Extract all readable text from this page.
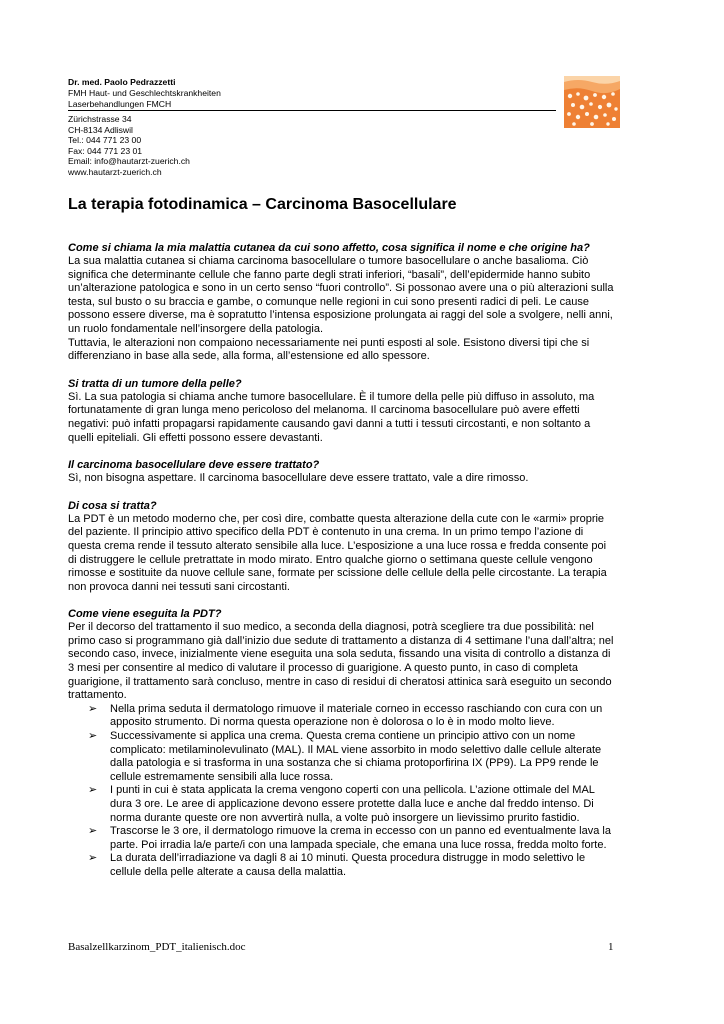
Dr. med. Paolo Pedrazzetti
FMH Haut- und Geschlechtskrankheiten
Laserbehandlungen FMCH
Zürichstrasse 34
CH-8134 Adliswil
Tel.: 044 771 23 00
Fax: 044 771 23 01
Email: info@hautarzt-zuerich.ch
www.hautarzt-zuerich.ch
La terapia fotodinamica – Carcinoma Basocellulare
Come si chiama la mia malattia cutanea da cui sono affetto, cosa significa il nome e che origine ha?
La sua malattia cutanea si chiama carcinoma basocellulare o tumore basocellulare o anche basalioma. Ciò
significa che determinante cellule che fanno parte degli strati inferiori, “basali”, dell’epidermide hanno subito
un’alterazione patologica e sono in un certo senso “fuori controllo”. Si possonao avere una o più alterazioni sulla
testa, sul busto o su braccia e gambe, o comunque nelle regioni in cui sono presenti radici di peli. Le cause
possono essere diverse, ma è sopratutto l’intensa esposizione prolungata ai raggi del sole a svolgere, nelli anni,
un ruolo fondamentale nell’insorgere della patologia.
Tuttavia, le alterazioni non compaiono necessariamente nei punti esposti al sole. Esistono diversi tipi che si
differenziano in base alla sede, alla forma, all’estensione ed allo spessore.
Si tratta di un tumore della pelle?
Sì. La sua patologia si chiama anche tumore basocellulare. È il tumore della pelle più diffuso in assoluto, ma
fortunatamente di gran lunga meno pericoloso del melanoma. Il carcinoma basocellulare può avere effetti
negativi: può infatti propagarsi rapidamente causando gavi danni a tutti i tessuti circostanti, e non soltanto a
quelli epiteliali. Gli effetti possono essere devastanti.
Il carcinoma basocellulare deve essere trattato?
Sì, non bisogna aspettare. Il carcinoma basocellulare deve essere trattato, vale a dire rimosso.
Di cosa si tratta?
La PDT è un metodo moderno che, per così dire, combatte questa alterazione della cute con le «armi» proprie
del paziente. Il principio attivo specifico della PDT è contenuto in una crema. In un primo tempo l’azione di
questa crema rende il tessuto alterato sensibile alla luce. L’esposizione a una luce rossa e fredda consente poi
di distruggere le cellule pretrattate in modo mirato. Entro qualche giorno o settimana queste cellule vengono
rimosse e sostituite da nuove cellule sane, formate per scissione delle cellule della pelle circostante. La terapia
non provoca danni nei tessuti sani circostanti.
Come viene eseguita la PDT?
Per il decorso del trattamento il suo medico, a seconda della diagnosi, potrà scegliere tra due possibilità: nel
primo caso si programmano già dall’inizio due sedute di trattamento a distanza di 4 settimane l’una dall’altra; nel
secondo caso, invece, inizialmente viene eseguita una sola seduta, fissando una visita di controllo a distanza di
3 mesi per consentire al medico di valutare il processo di guarigione. A questo punto, in caso di completa
guarigione, il trattamento sarà concluso, mentre in caso di residui di cheratosi attinica sarà eseguito un secondo
trattamento.
➢ Nella prima seduta il dermatologo rimuove il materiale corneo in eccesso raschiando con cura con un
apposito strumento. Di norma questa operazione non è dolorosa o lo è in modo molto lieve.
➢ Successivamente si applica una crema. Questa crema contiene un principio attivo con un nome
complicato: metilaminolevulinato (MAL). Il MAL viene assorbito in modo selettivo dalle cellule alterate
dalla patologia e si trasforma in una sostanza che si chiama protoporfirina IX (PP9). La PP9 rende le
cellule estremamente sensibili alla luce rossa.
➢ I punti in cui è stata applicata la crema vengono coperti con una pellicola. L’azione ottimale del MAL
dura 3 ore. Le aree di applicazione devono essere protette dalla luce e anche dal freddo intenso. Di
norma durante queste ore non avvertirà nulla, a volte può insorgere un lievissimo prurito fastidio.
➢ Trascorse le 3 ore, il dermatologo rimuove la crema in eccesso con un panno ed eventualmente lava la
parte. Poi irradia la/e parte/i con una lampada speciale, che emana una luce rossa, fredda molto forte.
➢ La durata dell’irradiazione va dagli 8 ai 10 minuti. Questa procedura distrugge in modo selettivo le
cellule della pelle alterate a causa della malattia.
Basalzellkarzinom_PDT_italienisch.doc	1
